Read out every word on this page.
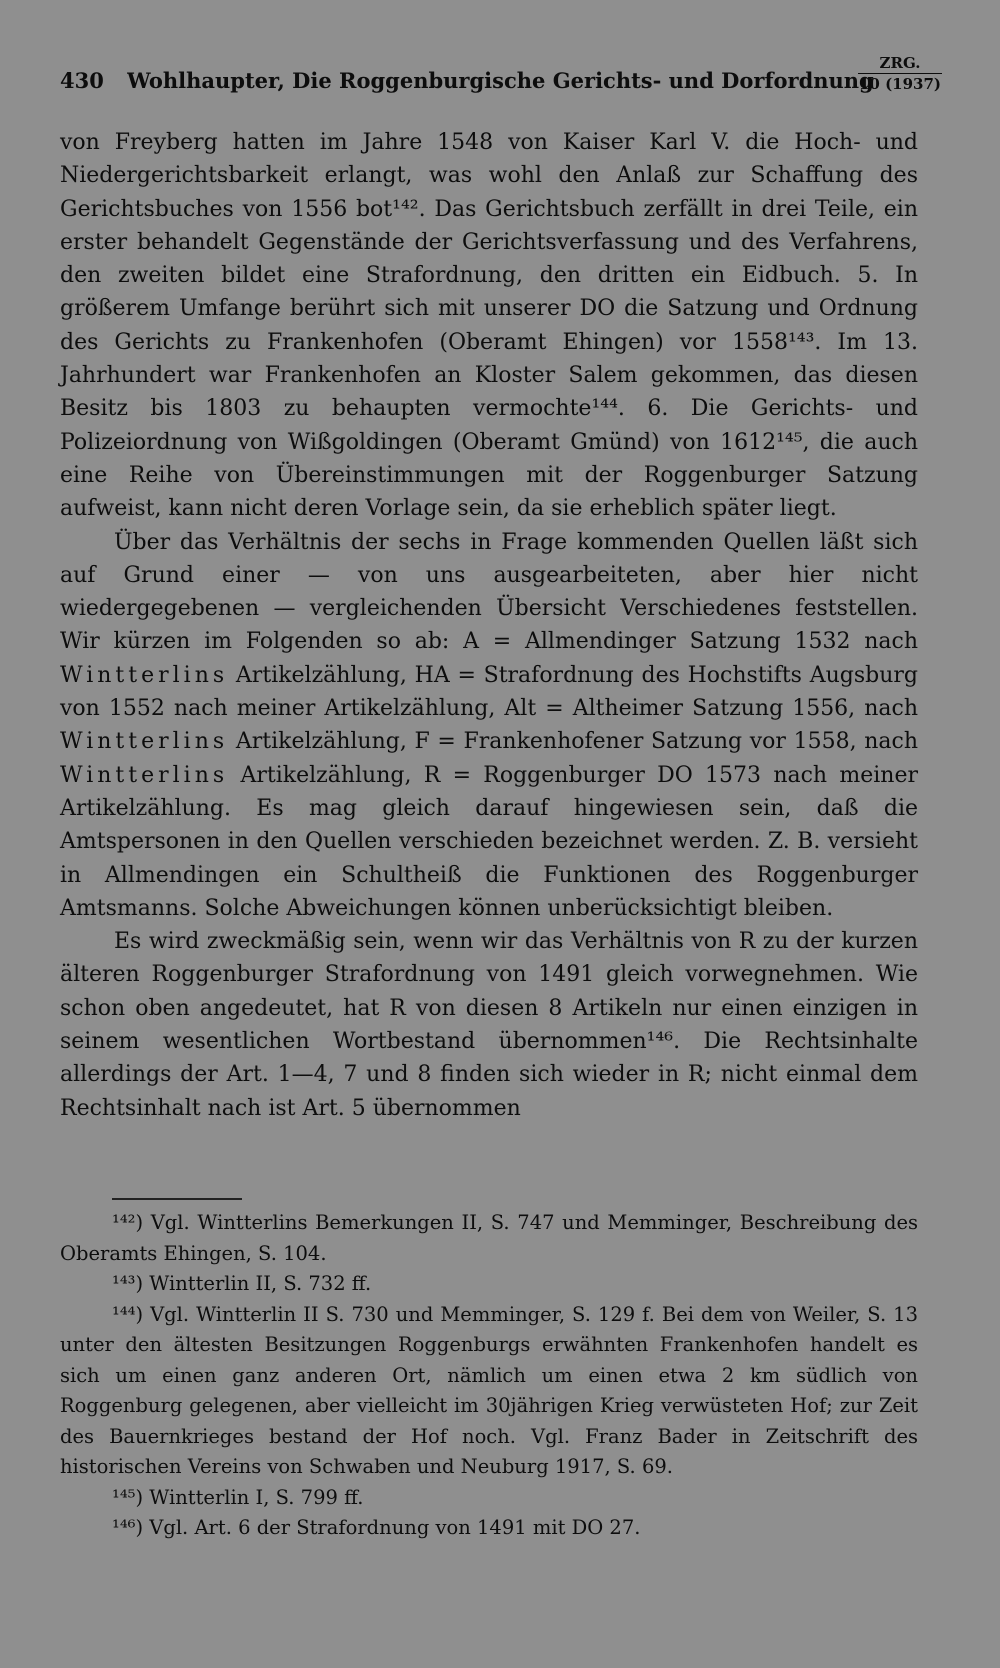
430 Wohlhaupter, Die Roggenburgische Gerichts- und Dorfordnung
ZRG.
10 (1937)

von Freyberg hatten im Jahre 1548 von Kaiser Karl V. die Hoch- und Niedergerichtsbarkeit erlangt, was wohl den Anlaß zur Schaffung des Gerichtsbuches von 1556 bot¹⁴². Das Gerichtsbuch zerfällt in drei Teile, ein erster behandelt Gegenstände der Gerichtsverfassung und des Verfahrens, den zweiten bildet eine Strafordnung, den dritten ein Eidbuch. 5. In größerem Umfange berührt sich mit unserer DO die Satzung und Ordnung des Gerichts zu Frankenhofen (Oberamt Ehingen) vor 1558¹⁴³. Im 13. Jahrhundert war Frankenhofen an Kloster Salem gekommen, das diesen Besitz bis 1803 zu behaupten vermochte¹⁴⁴. 6. Die Gerichts- und Polizeiordnung von Wißgoldingen (Oberamt Gmünd) von 1612¹⁴⁵, die auch eine Reihe von Übereinstimmungen mit der Roggenburger Satzung aufweist, kann nicht deren Vorlage sein, da sie erheblich später liegt.

Über das Verhältnis der sechs in Frage kommenden Quellen läßt sich auf Grund einer — von uns ausgearbeiteten, aber hier nicht wiedergegebenen — vergleichenden Übersicht Verschiedenes feststellen. Wir kürzen im Folgenden so ab: A = Allmendinger Satzung 1532 nach Wintterlins Artikelzählung, HA = Strafordnung des Hochstifts Augsburg von 1552 nach meiner Artikelzählung, Alt = Altheimer Satzung 1556, nach Wintterlins Artikelzählung, F = Frankenhofener Satzung vor 1558, nach Wintterlins Artikelzählung, R = Roggenburger DO 1573 nach meiner Artikelzählung. Es mag gleich darauf hingewiesen sein, daß die Amtspersonen in den Quellen verschieden bezeichnet werden. Z. B. versieht in Allmendingen ein Schultheiß die Funktionen des Roggenburger Amtsmanns. Solche Abweichungen können unberücksichtigt bleiben.

Es wird zweckmäßig sein, wenn wir das Verhältnis von R zu der kurzen älteren Roggenburger Strafordnung von 1491 gleich vorwegnehmen. Wie schon oben angedeutet, hat R von diesen 8 Artikeln nur einen einzigen in seinem wesentlichen Wortbestand übernommen¹⁴⁶. Die Rechtsinhalte allerdings der Art. 1—4, 7 und 8 finden sich wieder in R; nicht einmal dem Rechtsinhalt nach ist Art. 5 übernommen

¹⁴²) Vgl. Wintterlins Bemerkungen II, S. 747 und Memminger, Beschreibung des Oberamts Ehingen, S. 104.

¹⁴³) Wintterlin II, S. 732 ff.

¹⁴⁴) Vgl. Wintterlin II S. 730 und Memminger, S. 129 f. Bei dem von Weiler, S. 13 unter den ältesten Besitzungen Roggenburgs erwähnten Frankenhofen handelt es sich um einen ganz anderen Ort, nämlich um einen etwa 2 km südlich von Roggenburg gelegenen, aber vielleicht im 30jährigen Krieg verwüsteten Hof; zur Zeit des Bauernkrieges bestand der Hof noch. Vgl. Franz Bader in Zeitschrift des historischen Vereins von Schwaben und Neuburg 1917, S. 69.

¹⁴⁵) Wintterlin I, S. 799 ff.

¹⁴⁶) Vgl. Art. 6 der Strafordnung von 1491 mit DO 27.
